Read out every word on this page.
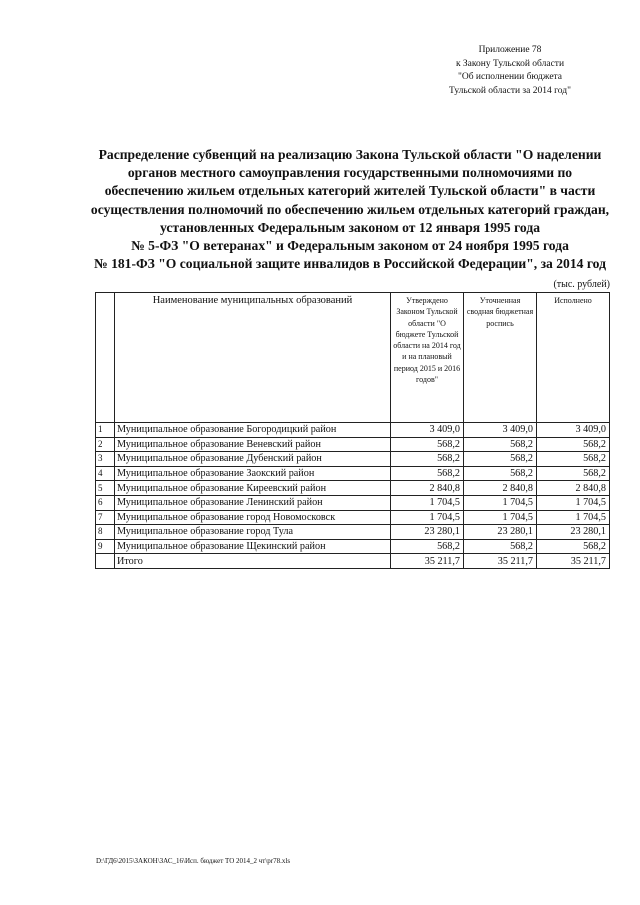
Приложение 78
к Закону Тульской области
"Об исполнении бюджета
Тульской области за 2014 год"
Распределение субвенций на реализацию Закона Тульской области "О наделении
органов местного самоуправления государственными полномочиями по
обеспечению жильем отдельных категорий жителей Тульской области" в части
осуществления полномочий по обеспечению жильем отдельных категорий граждан,
установленных Федеральным законом от 12 января 1995 года
№ 5-ФЗ "О ветеранах" и Федеральным законом от 24 ноября 1995 года
№ 181-ФЗ "О социальной защите инвалидов в Российской Федерации", за 2014 год
(тыс. рублей)
	Наименование муниципальных образований	Утверждено Законом Тульской области "О бюджете Тульской области на 2014 год и на плановый период 2015 и 2016 годов"	Уточненная сводная бюджетная роспись	Исполнено
1	Муниципальное образование Богородицкий район	3 409,0	3 409,0	3 409,0
2	Муниципальное образование Веневский район	568,2	568,2	568,2
3	Муниципальное образование Дубенский район	568,2	568,2	568,2
4	Муниципальное образование Заокский район	568,2	568,2	568,2
5	Муниципальное образование Киреевский район	2 840,8	2 840,8	2 840,8
6	Муниципальное образование Ленинский район	1 704,5	1 704,5	1 704,5
7	Муниципальное образование город Новомосковск	1 704,5	1 704,5	1 704,5
8	Муниципальное образование город Тула	23 280,1	23 280,1	23 280,1
9	Муниципальное образование Щекинский район	568,2	568,2	568,2
	Итого	35 211,7	35 211,7	35 211,7
D:\ГД6\2015\ЗАКОН\ЗАС_16\Исп. бюджет ТО 2014_2 чт\pr78.xls
